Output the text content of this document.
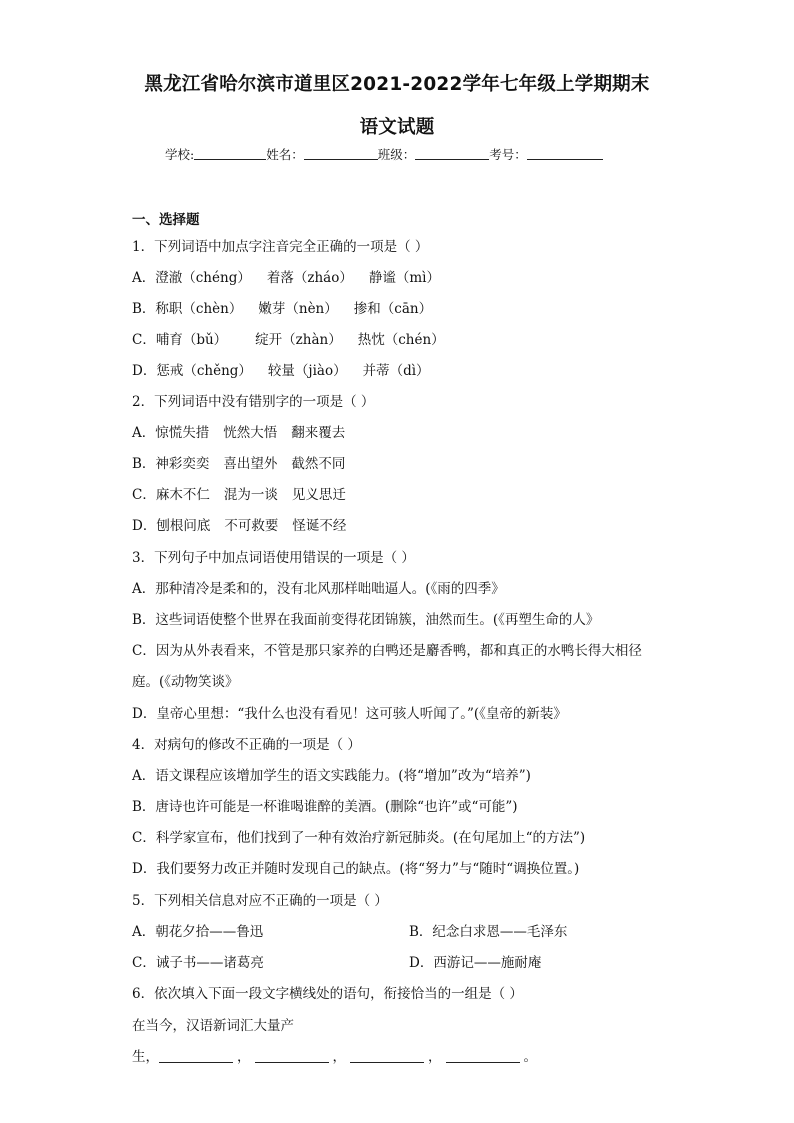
黑龙江省哈尔滨市道里区2021-2022学年七年级上学期期末
语文试题
学校:	姓名：	班级：	考号：
一、选择题
1．下列词语中加点字注音完全正确的一项是（ ）
A．澄澈（chéng） 着落（zháo） 静谧（mì）
B．称职（chèn） 嫩芽（nèn） 掺和（cān）
C．哺育（bǔ） 绽开（zhàn） 热忱（chén）
D．惩戒（chěng） 较量（jiào） 并蒂（dì）
2．下列词语中没有错别字的一项是（ ）
A．惊慌失措 恍然大悟 翻来覆去
B．神彩奕奕 喜出望外 截然不同
C．麻木不仁 混为一谈 见义思迁
D．刨根问底 不可救要 怪诞不经
3．下列句子中加点词语使用错误的一项是（ ）
A．那种清冷是柔和的，没有北风那样咄咄逼人。(《雨的四季》
B．这些词语使整个世界在我面前变得花团锦簇，油然而生。(《再塑生命的人》
C．因为从外表看来，不管是那只家养的白鸭还是麝香鸭，都和真正的水鸭长得大相径
庭。(《动物笑谈》
D．皇帝心里想：“我什么也没有看见！这可骇人听闻了。”(《皇帝的新装》
4．对病句的修改不正确的一项是（ ）
A．语文课程应该增加学生的语文实践能力。(将“增加”改为“培养”)
B．唐诗也许可能是一杯谁喝谁醉的美酒。(删除“也许”或“可能”)
C．科学家宣布，他们找到了一种有效治疗新冠肺炎。(在句尾加上“的方法”)
D．我们要努力改正并随时发现自己的缺点。(将“努力”与“随时“调换位置。)
5．下列相关信息对应不正确的一项是（ ）
A．朝花夕拾——鲁迅	B．纪念白求恩——毛泽东
C．诫子书——诸葛亮	D．西游记——施耐庵
6．依次填入下面一段文字横线处的语句，衔接恰当的一组是（ ）
在当今，汉语新词汇大量产
生，	，	，	，	。
